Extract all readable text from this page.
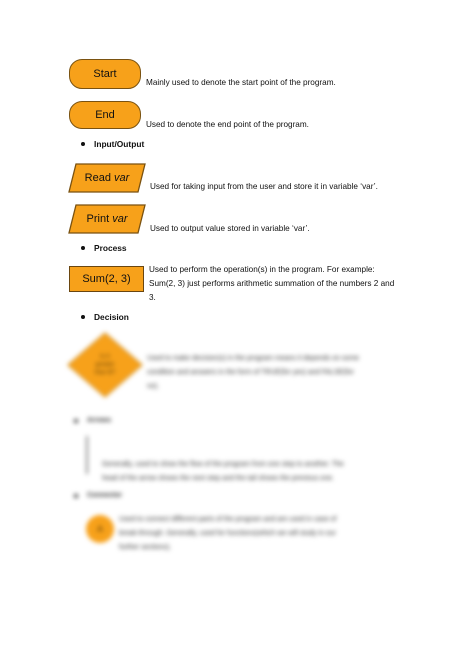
Start
Mainly used to denote the start point of the program.
End
Used to denote the end point of the program.
Input/Output
Read var
Used for taking input from the user and store it in variable ‘var’.
Print var
Used to output value stored in variable ‘var’.
Process
Sum(2, 3)
Used to perform the operation(s) in the program. For example:
Sum(2, 3) just performs arithmetic summation of the numbers 2 and
3.
Decision
Is A greater than B?
Used to make decision(s) in the program means it depends on some
condition and answers in the form of TRUE(for yes) and FALSE(for
no).
Arrows
Generally, used to show the flow of the program from one step to another. The
head of the arrow shows the next step and the tail shows the previous one.
Connector
A
Used to connect different parts of the program and are used in case of
break-through. Generally, used for functions(which we will study in our
further sections).
